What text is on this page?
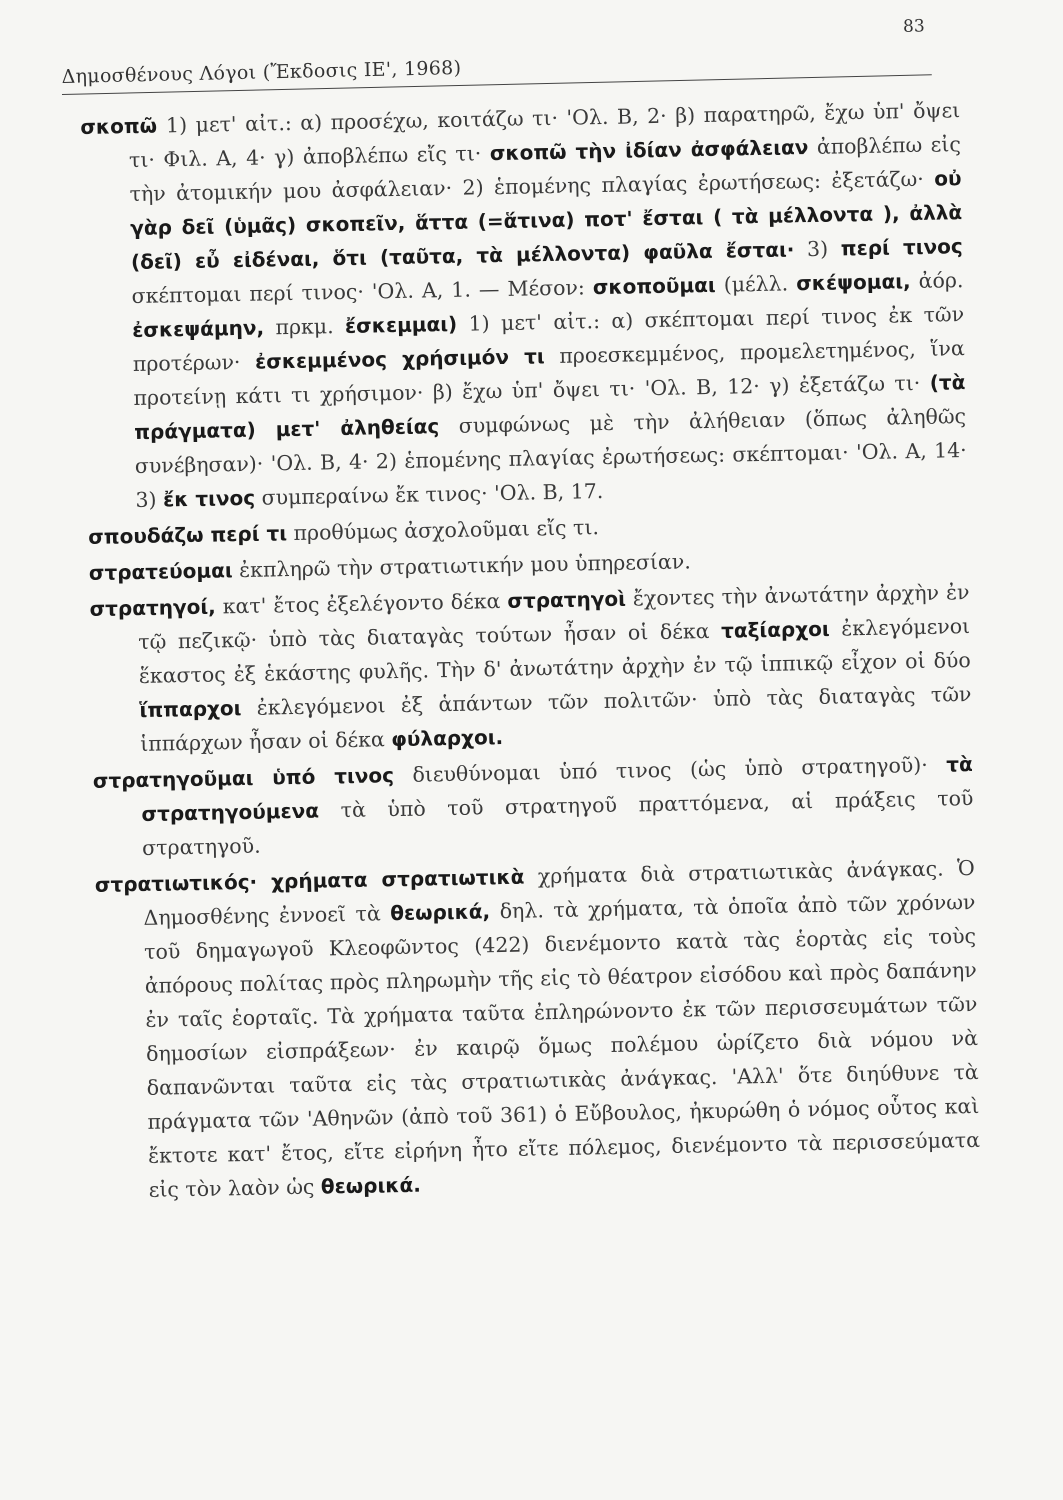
Δημοσθένους Λόγοι (Ἔκδοσις ΙΕ', 1968)
83

σκοπῶ 1) μετ' αἰτ.: α) προσέχω, κοιτάζω τι· 'Ολ. Β, 2· β) παρατηρῶ, ἔχω ὑπ' ὄψει τι· Φιλ. Α, 4· γ) ἀποβλέπω εἴς τι· σκοπῶ τὴν ἰδίαν ἀσφάλειαν ἀποβλέπω εἰς τὴν ἀτομικήν μου ἀσφάλειαν· 2) ἑπομένης πλαγίας ἐρωτήσεως: ἐξετάζω· οὐ γὰρ δεῖ (ὑμᾶς) σκοπεῖν, ἅττα (=ἅτινα) ποτ' ἔσται ( τὰ μέλλοντα ), ἀλλὰ (δεῖ) εὖ εἰδέναι, ὅτι (ταῦτα, τὰ μέλλοντα) φαῦλα ἔσται· 3) περί τινος σκέπτομαι περί τινος· 'Ολ. Α, 1. — Μέσον: σκοποῦμαι (μέλλ. σκέψομαι, ἀόρ. ἐσκεψάμην, πρκμ. ἔσκεμμαι) 1) μετ' αἰτ.: α) σκέπτομαι περί τινος ἐκ τῶν προτέρων· ἐσκεμμένος χρήσιμόν τι προεσκεμμένος, προμελετημένος, ἵνα προτείνῃ κάτι τι χρήσιμον· β) ἔχω ὑπ' ὄψει τι· 'Ολ. Β, 12· γ) ἐξετάζω τι· (τὰ πράγματα) μετ' ἀληθείας συμφώνως μὲ τὴν ἀλήθειαν (ὅπως ἀληθῶς συνέβησαν)· 'Ολ. Β, 4· 2) ἑπομένης πλαγίας ἐρωτήσεως: σκέπτομαι· 'Ολ. Α, 14· 3) ἔκ τινος συμπεραίνω ἔκ τινος· 'Ολ. Β, 17.

σπουδάζω περί τι προθύμως ἀσχολοῦμαι εἴς τι.

στρατεύομαι ἐκπληρῶ τὴν στρατιωτικήν μου ὑπηρεσίαν.

στρατηγοί, κατ' ἔτος ἐξελέγοντο δέκα στρατηγοὶ ἔχοντες τὴν ἀνωτάτην ἀρχὴν ἐν τῷ πεζικῷ· ὑπὸ τὰς διαταγὰς τούτων ἦσαν οἱ δέκα ταξίαρχοι ἐκλεγόμενοι ἕκαστος ἐξ ἑκάστης φυλῆς. Τὴν δ' ἀνωτάτην ἀρχὴν ἐν τῷ ἱππικῷ εἶχον οἱ δύο ἵππαρχοι ἐκλεγόμενοι ἐξ ἁπάντων τῶν πολιτῶν· ὑπὸ τὰς διαταγὰς τῶν ἱππάρχων ἦσαν οἱ δέκα φύλαρχοι.

στρατηγοῦμαι ὑπό τινος διευθύνομαι ὑπό τινος (ὡς ὑπὸ στρατηγοῦ)· τὰ στρατηγούμενα τὰ ὑπὸ τοῦ στρατηγοῦ πραττόμενα, αἱ πράξεις τοῦ στρατηγοῦ.

στρατιωτικός· χρήματα στρατιωτικὰ χρήματα διὰ στρατιωτικὰς ἀνάγκας. Ὁ Δημοσθένης ἐννοεῖ τὰ θεωρικά, δηλ. τὰ χρήματα, τὰ ὁποῖα ἀπὸ τῶν χρόνων τοῦ δημαγωγοῦ Κλεοφῶντος (422) διενέμοντο κατὰ τὰς ἑορτὰς εἰς τοὺς ἀπόρους πολίτας πρὸς πληρωμὴν τῆς εἰς τὸ θέατρον εἰσόδου καὶ πρὸς δαπάνην ἐν ταῖς ἑορταῖς. Τὰ χρήματα ταῦτα ἐπληρώνοντο ἐκ τῶν περισσευμάτων τῶν δημοσίων εἰσπράξεων· ἐν καιρῷ ὅμως πολέμου ὡρίζετο διὰ νόμου νὰ δαπανῶνται ταῦτα εἰς τὰς στρατιωτικὰς ἀνάγκας. 'Αλλ' ὅτε διηύθυνε τὰ πράγματα τῶν 'Αθηνῶν (ἀπὸ τοῦ 361) ὁ Εὔβουλος, ἠκυρώθη ὁ νόμος οὗτος καὶ ἔκτοτε κατ' ἔτος, εἴτε εἰρήνη ἦτο εἴτε πόλεμος, διενέμοντο τὰ περισσεύματα εἰς τὸν λαὸν ὡς θεωρικά.
